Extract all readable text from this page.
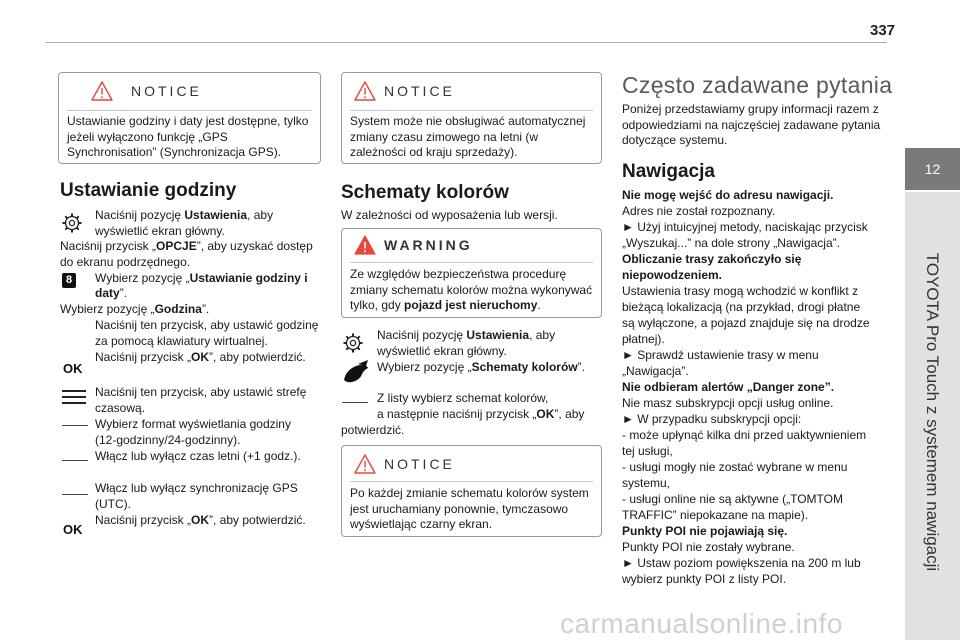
337
12
TOYOTA Pro Touch z systemem nawigacji
NOTICE
Ustawianie godziny i daty jest dostępne, tylko jeżeli wyłączono funkcję „GPS Synchronisation” (Synchronizacja GPS).
Ustawianie godziny
8
OK
OK
Naciśnij pozycję Ustawienia, aby
wyświetlić ekran główny.
Naciśnij przycisk „OPCJE”, aby uzyskać dostęp
do ekranu podrzędnego.
Wybierz pozycję „Ustawianie godziny i
daty”.
Wybierz pozycję „Godzina”.
Naciśnij ten przycisk, aby ustawić godzinę
za pomocą klawiatury wirtualnej.
Naciśnij przycisk „OK”, aby potwierdzić.
Naciśnij ten przycisk, aby ustawić strefę
czasową.
Wybierz format wyświetlania godziny
(12-godzinny/24-godzinny).
Włącz lub wyłącz czas letni (+1 godz.).
Włącz lub wyłącz synchronizację GPS
(UTC).
Naciśnij przycisk „OK”, aby potwierdzić.
NOTICE
System może nie obsługiwać automatycznej zmiany czasu zimowego na letni (w zależności od kraju sprzedaży).
Schematy kolorów
W zależności od wyposażenia lub wersji.
WARNING
Ze względów bezpieczeństwa procedurę zmiany schematu kolorów można wykonywać tylko, gdy pojazd jest nieruchomy.
Naciśnij pozycję Ustawienia, aby
wyświetlić ekran główny.
Wybierz pozycję „Schematy kolorów”.
Z listy wybierz schemat kolorów,
a następnie naciśnij przycisk „OK”, aby
potwierdzić.
NOTICE
Po każdej zmianie schematu kolorów system jest uruchamiany ponownie, tymczasowo wyświetlając czarny ekran.
Często zadawane pytania
Poniżej przedstawiamy grupy informacji razem z odpowiedziami na najczęściej zadawane pytania dotyczące systemu.
Nawigacja
Nie mogę wejść do adresu nawigacji.
Adres nie został rozpoznany.
► Użyj intuicyjnej metody, naciskając przycisk
„Wyszukaj...” na dole strony „Nawigacja”.
Obliczanie trasy zakończyło się
niepowodzeniem.
Ustawienia trasy mogą wchodzić w konflikt z
bieżącą lokalizacją (na przykład, drogi płatne
są wyłączone, a pojazd znajduje się na drodze
płatnej).
► Sprawdź ustawienie trasy w menu
„Nawigacja”.
Nie odbieram alertów „Danger zone”.
Nie masz subskrypcji opcji usług online.
► W przypadku subskrypcji opcji:
- może upłynąć kilka dni przed uaktywnieniem
tej usługi,
- usługi mogły nie zostać wybrane w menu
systemu,
- usługi online nie są aktywne („TOMTOM
TRAFFIC” niepokazane na mapie).
Punkty POI nie pojawiają się.
Punkty POI nie zostały wybrane.
► Ustaw poziom powiększenia na 200 m lub
wybierz punkty POI z listy POI.
carmanualsonline.info
